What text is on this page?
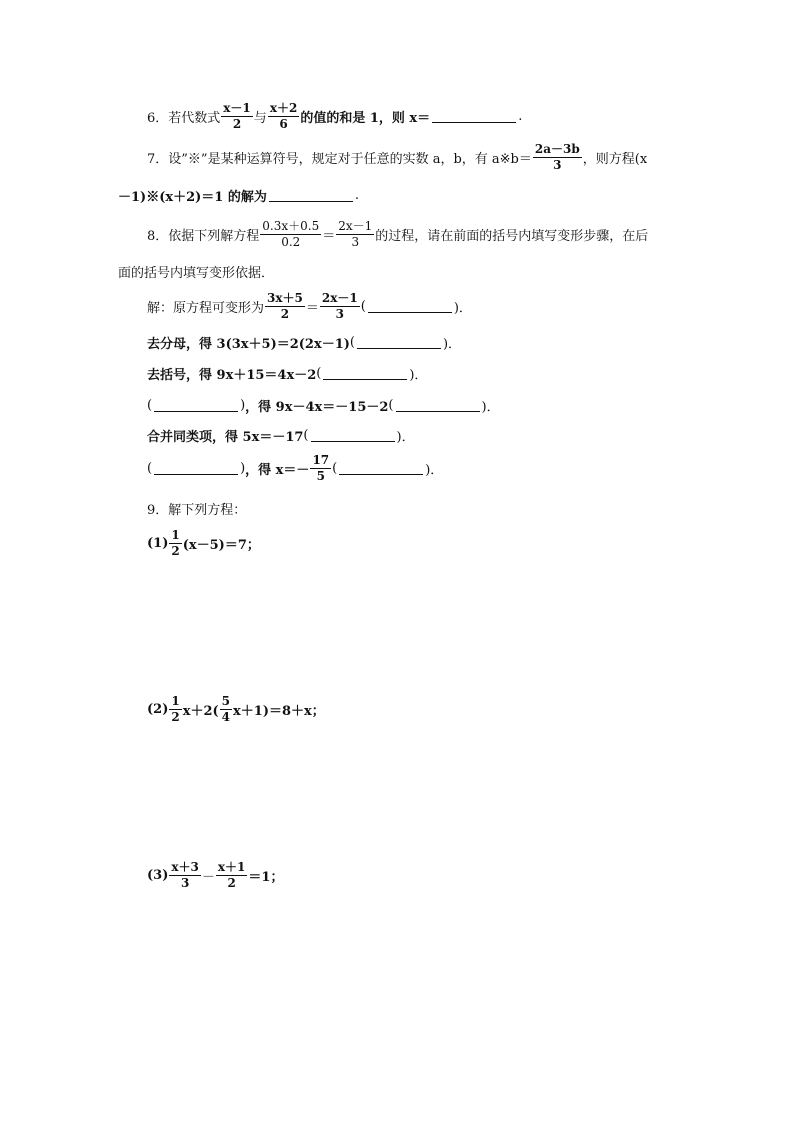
6．若代数式 $\frac{x-1}{2}$ 与 $\frac{x+2}{6}$ 的值的和是 1，则 x＝	.
7．设”※”是某种运算符号，规定对于任意的实数 a，b，有 a※b＝ $\frac{2a-3b}{3}$ ，则方程(x
－1)※(x＋2)＝1 的解为	.
8．依据下列解方程 $\frac{0.3x+0.5}{0.2} = \frac{2x-1}{3}$ 的过程，请在前面的括号内填写变形步骤，在后
面的括号内填写变形依据．
解：原方程可变形为 $\frac{3x+5}{2} = \frac{2x-1}{3}$ (	)．
去分母，得 3(3x＋5)＝2(2x－1) (	)．
去括号，得 9x＋15＝4x－2 (	)．
(	) ，得 9x－4x＝－15－2 (	)．
合并同类项，得 5x＝－17 (	)．
(	) ，得 $x=- \frac{17}{5}$ (	)．
9．解下列方程：
$(1) \frac{1}{2} (x-5)=7$；
$(2) \frac{1}{2} x+2( \frac{5}{4} x+1)=8+x$；
$(3) \frac{x+3}{3} - \frac{x+1}{2} =1$；
